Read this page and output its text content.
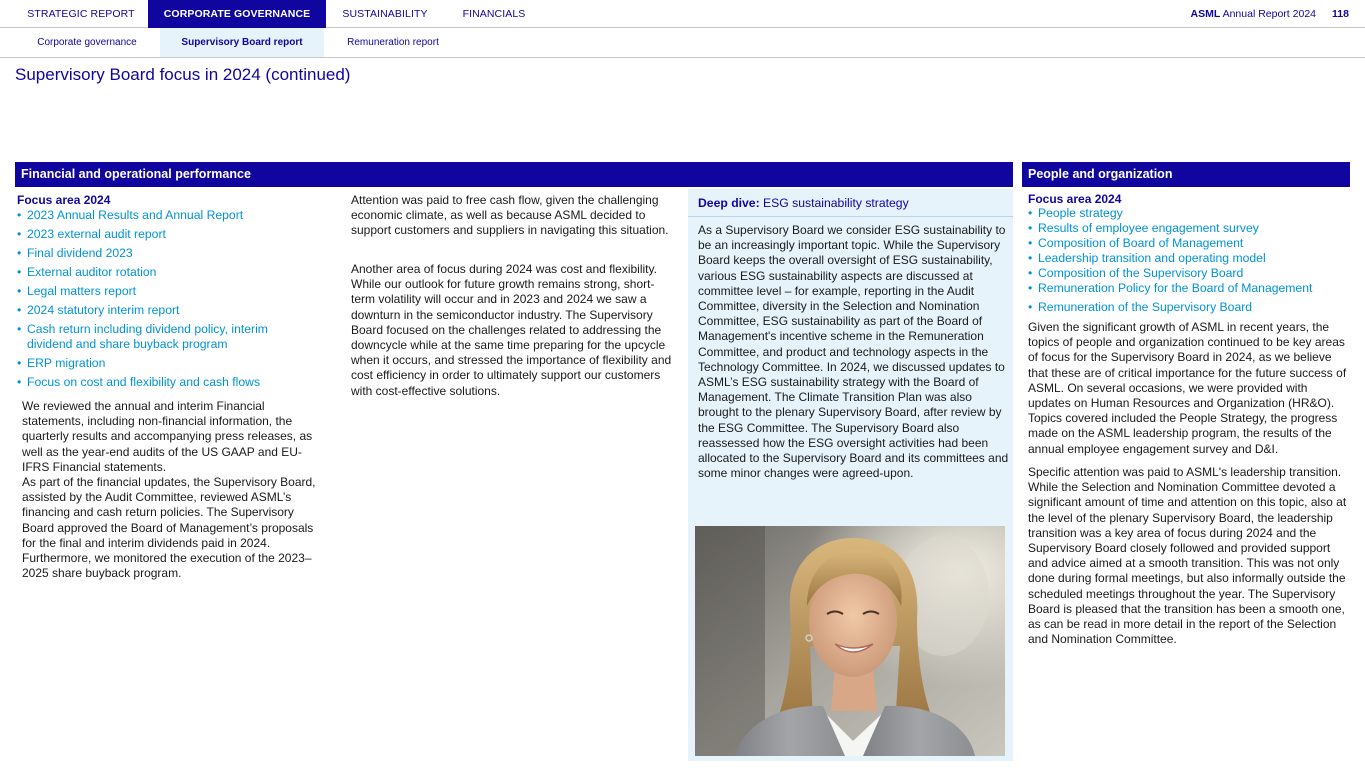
STRATEGIC REPORT	CORPORATE GOVERNANCE	SUSTAINABILITY	FINANCIALS	ASML Annual Report 2024 118
Corporate governance	Supervisory Board report	Remuneration report
Supervisory Board focus in 2024 (continued)
Financial and operational performance
Focus area 2024
• 2023 Annual Results and Annual Report
• 2023 external audit report
• Final dividend 2023
• External auditor rotation
• Legal matters report
• 2024 statutory interim report
• Cash return including dividend policy, interim dividend and share buyback program
• ERP migration
• Focus on cost and flexibility and cash flows
We reviewed the annual and interim Financial statements, including non-financial information, the quarterly results and accompanying press releases, as well as the year-end audits of the US GAAP and EU-IFRS Financial statements.
As part of the financial updates, the Supervisory Board, assisted by the Audit Committee, reviewed ASML’s financing and cash return policies. The Supervisory Board approved the Board of Management’s proposals for the final and interim dividends paid in 2024. Furthermore, we monitored the execution of the 2023–2025 share buyback program.
Attention was paid to free cash flow, given the challenging economic climate, as well as because ASML decided to support customers and suppliers in navigating this situation.
Another area of focus during 2024 was cost and flexibility. While our outlook for future growth remains strong, short-term volatility will occur and in 2023 and 2024 we saw a downturn in the semiconductor industry. The Supervisory Board focused on the challenges related to addressing the downcycle while at the same time preparing for the upcycle when it occurs, and stressed the importance of flexibility and cost efficiency in order to ultimately support our customers with cost-effective solutions.
Deep dive: ESG sustainability strategy
As a Supervisory Board we consider ESG sustainability to be an increasingly important topic. While the Supervisory Board keeps the overall oversight of ESG sustainability, various ESG sustainability aspects are discussed at committee level – for example, reporting in the Audit Committee, diversity in the Selection and Nomination Committee, ESG sustainability as part of the Board of Management's incentive scheme in the Remuneration Committee, and product and technology aspects in the Technology Committee. In 2024, we discussed updates to ASML’s ESG sustainability strategy with the Board of Management. The Climate Transition Plan was also brought to the plenary Supervisory Board, after review by the ESG Committee. The Supervisory Board also reassessed how the ESG oversight activities had been allocated to the Supervisory Board and its committees and some minor changes were agreed-upon.
People and organization
Focus area 2024
• People strategy
• Results of employee engagement survey
• Composition of Board of Management
• Leadership transition and operating model
• Composition of the Supervisory Board
• Remuneration Policy for the Board of Management
• Remuneration of the Supervisory Board
Given the significant growth of ASML in recent years, the topics of people and organization continued to be key areas of focus for the Supervisory Board in 2024, as we believe that these are of critical importance for the future success of ASML. On several occasions, we were provided with updates on Human Resources and Organization (HR&O). Topics covered included the People Strategy, the progress made on the ASML leadership program, the results of the annual employee engagement survey and D&I.
Specific attention was paid to ASML's leadership transition. While the Selection and Nomination Committee devoted a significant amount of time and attention on this topic, also at the level of the plenary Supervisory Board, the leadership transition was a key area of focus during 2024 and the Supervisory Board closely followed and provided support and advice aimed at a smooth transition. This was not only done during formal meetings, but also informally outside the scheduled meetings throughout the year. The Supervisory Board is pleased that the transition has been a smooth one, as can be read in more detail in the report of the Selection and Nomination Committee.
